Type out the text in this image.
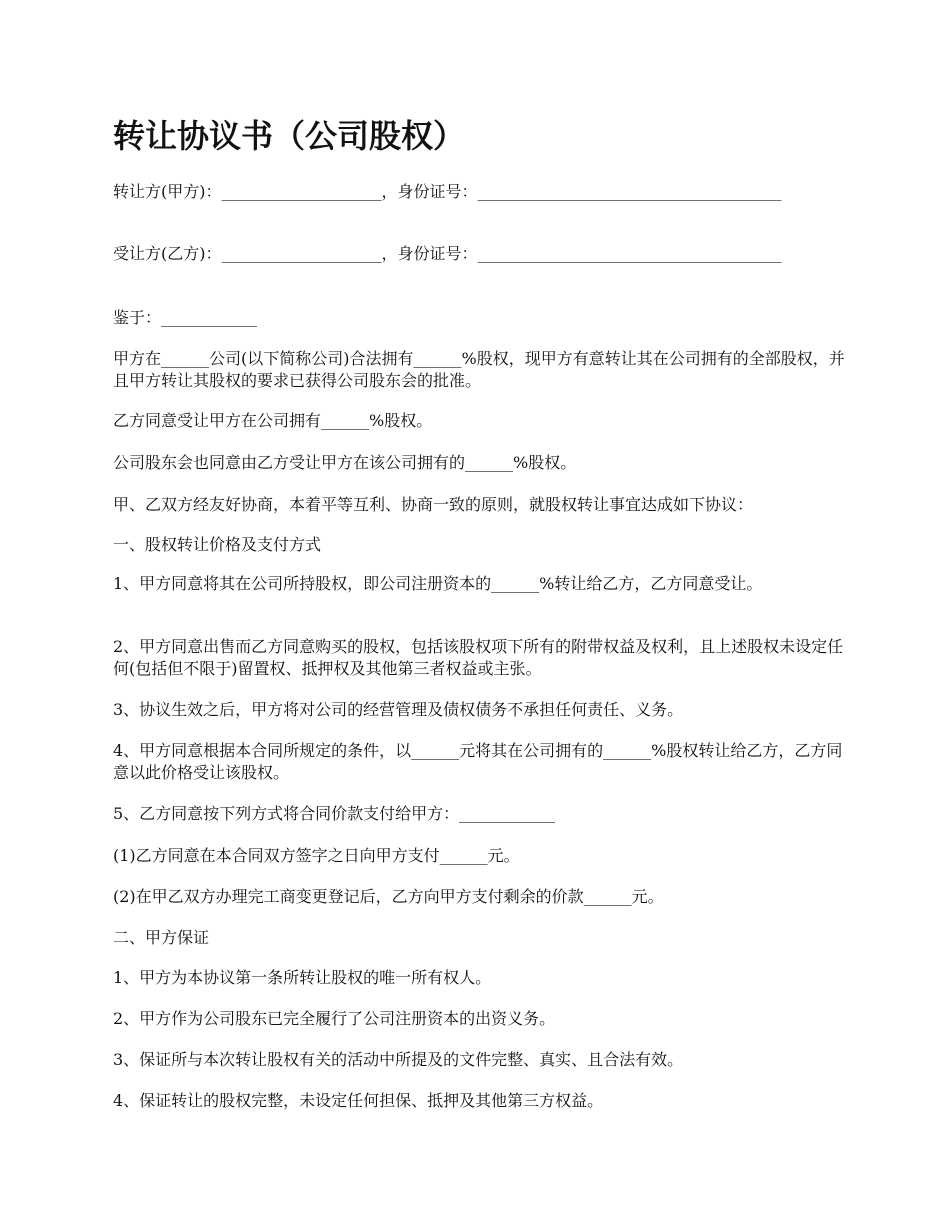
转让协议书（公司股权）

转让方(甲方)：____________________，身份证号：______________________________________

受让方(乙方)：____________________，身份证号：______________________________________

鉴于：____________

甲方在______公司(以下简称公司)合法拥有______%股权，现甲方有意转让其在公司拥有的全部股权，并且甲方转让其股权的要求已获得公司股东会的批准。

乙方同意受让甲方在公司拥有______%股权。

公司股东会也同意由乙方受让甲方在该公司拥有的______%股权。

甲、乙双方经友好协商，本着平等互利、协商一致的原则，就股权转让事宜达成如下协议：

一、股权转让价格及支付方式

1、甲方同意将其在公司所持股权，即公司注册资本的______%转让给乙方，乙方同意受让。

2、甲方同意出售而乙方同意购买的股权，包括该股权项下所有的附带权益及权利，且上述股权未设定任何(包括但不限于)留置权、抵押权及其他第三者权益或主张。

3、协议生效之后，甲方将对公司的经营管理及债权债务不承担任何责任、义务。

4、甲方同意根据本合同所规定的条件，以______元将其在公司拥有的______%股权转让给乙方，乙方同意以此价格受让该股权。

5、乙方同意按下列方式将合同价款支付给甲方：____________

(1)乙方同意在本合同双方签字之日向甲方支付______元。

(2)在甲乙双方办理完工商变更登记后，乙方向甲方支付剩余的价款______元。

二、甲方保证

1、甲方为本协议第一条所转让股权的唯一所有权人。

2、甲方作为公司股东已完全履行了公司注册资本的出资义务。

3、保证所与本次转让股权有关的活动中所提及的文件完整、真实、且合法有效。

4、保证转让的股权完整，未设定任何担保、抵押及其他第三方权益。
